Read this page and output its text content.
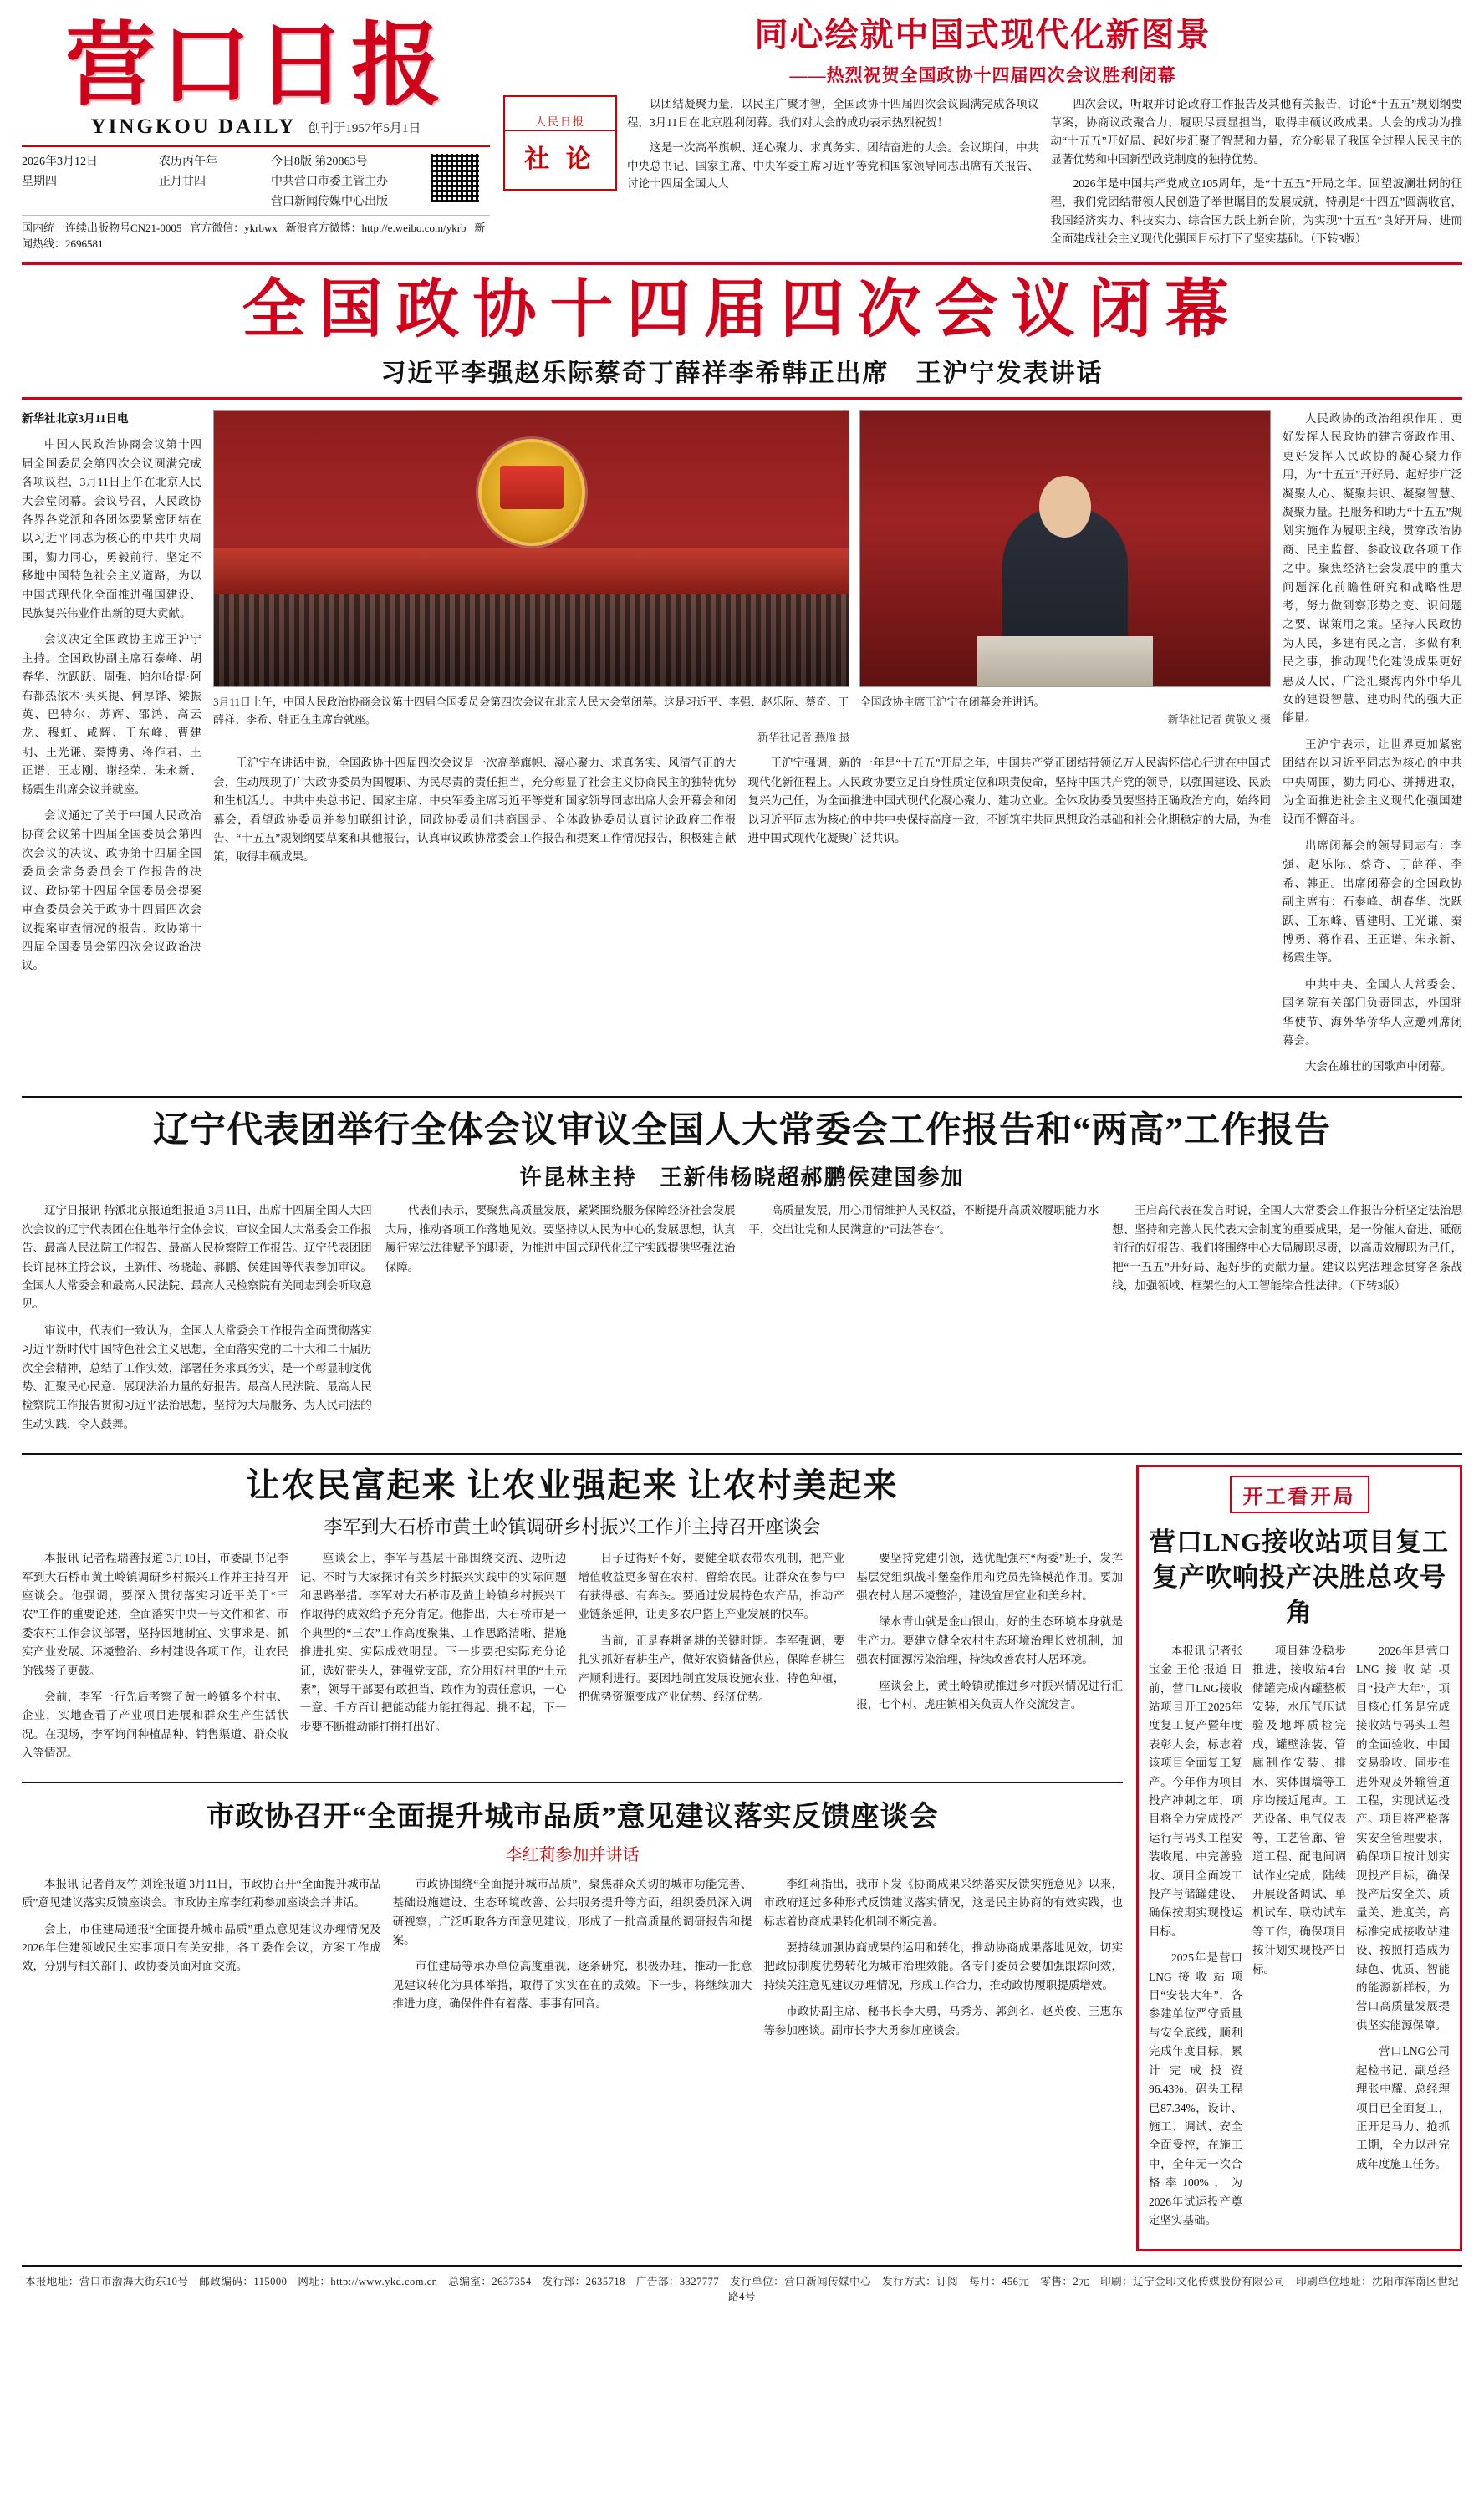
营口日报
YINGKOU DAILY 创刊于1957年5月1日
2026年3月12日
星期四
农历丙午年
正月廿四
今日8版 第20863号
中共营口市委主管主办
营口新闻传媒中心出版
国内统一连续出版物号CN21-0005 官方微信：ykrbwx 新浪官方微博：http://e.weibo.com/ykrb 新闻热线：2696581
同心绘就中国式现代化新图景
——热烈祝贺全国政协十四届四次会议胜利闭幕
人民日报
社 论

以团结凝聚力量，以民主广聚才智，全国政协十四届四次会议圆满完成各项议程，3月11日在北京胜利闭幕。我们对大会的成功表示热烈祝贺！

这是一次高举旗帜、通心聚力、求真务实、团结奋进的大会。会议期间，中共中央总书记、国家主席、中央军委主席习近平等党和国家领导同志出席有关报告、讨论十四届全国人大

四次会议，听取并讨论政府工作报告及其他有关报告，讨论“十五五”规划纲要草案，协商议政聚合力，履职尽责显担当，取得丰硕议政成果。大会的成功为推动“十五五”开好局、起好步汇聚了智慧和力量，充分彰显了我国全过程人民民主的显著优势和中国新型政党制度的独特优势。

2026年是中国共产党成立105周年，是“十五五”开局之年。回望波澜壮阔的征程，我们党团结带领人民创造了举世瞩目的发展成就，特别是“十四五”圆满收官，我国经济实力、科技实力、综合国力跃上新台阶，为实现“十五五”良好开局、进而全面建成社会主义现代化强国目标打下了坚实基础。（下转3版）

全国政协十四届四次会议闭幕
习近平李强赵乐际蔡奇丁薛祥李希韩正出席　王沪宁发表讲话

新华社北京3月11日电

中国人民政治协商会议第十四届全国委员会第四次会议圆满完成各项议程，3月11日上午在北京人民大会堂闭幕。会议号召，人民政协各界各党派和各团体要紧密团结在以习近平同志为核心的中共中央周围，勠力同心，勇毅前行，坚定不移地中国特色社会主义道路，为以中国式现代化全面推进强国建设、民族复兴伟业作出新的更大贡献。

会议决定全国政协主席王沪宁主持。全国政协副主席石泰峰、胡春华、沈跃跃、周强、帕尔哈提·阿布都热依木·买买提、何厚铧、梁振英、巴特尔、苏辉、邵鸿、高云龙、穆虹、咸辉、王东峰、曹建明、王光谦、秦博勇、蒋作君、王正谱、王志刚、谢经荣、朱永新、杨震生出席会议并就座。

会议通过了关于中国人民政治协商会议第十四届全国委员会第四次会议的决议、政协第十四届全国委员会常务委员会工作报告的决议、政协第十四届全国委员会提案审查委员会关于政协十四届四次会议提案审查情况的报告、政协第十四届全国委员会第四次会议政治决议。

3月11日上午，中国人民政治协商会议第十四届全国委员会第四次会议在北京人民大会堂闭幕。这是习近平、李强、赵乐际、蔡奇、丁薛祥、李希、韩正在主席台就座。
新华社记者 燕雁 摄
全国政协主席王沪宁在闭幕会并讲话。
新华社记者 黄敬文 摄

王沪宁在讲话中说，全国政协十四届四次会议是一次高举旗帜、凝心聚力、求真务实、风清气正的大会，生动展现了广大政协委员为国履职、为民尽责的责任担当，充分彰显了社会主义协商民主的独特优势和生机活力。中共中央总书记、国家主席、中央军委主席习近平等党和国家领导同志出席大会开幕会和闭幕会，看望政协委员并参加联组讨论，同政协委员们共商国是。全体政协委员认真讨论政府工作报告、“十五五”规划纲要草案和其他报告，认真审议政协常委会工作报告和提案工作情况报告，积极建言献策，取得丰硕成果。

王沪宁强调，新的一年是“十五五”开局之年，中国共产党正团结带领亿万人民满怀信心行进在中国式现代化新征程上。人民政协要立足自身性质定位和职责使命，坚持中国共产党的领导，以强国建设、民族复兴为己任，为全面推进中国式现代化凝心聚力、建功立业。全体政协委员要坚持正确政治方向，始终同以习近平同志为核心的中共中央保持高度一致，不断筑牢共同思想政治基础和社会化期稳定的大局，为推进中国式现代化凝聚广泛共识。

人民政协的政治组织作用、更好发挥人民政协的建言资政作用、更好发挥人民政协的凝心聚力作用，为“十五五”开好局、起好步广泛凝聚人心、凝聚共识、凝聚智慧、凝聚力量。把服务和助力“十五五”规划实施作为履职主线，贯穿政治协商、民主监督、参政议政各项工作之中。聚焦经济社会发展中的重大问题深化前瞻性研究和战略性思考，努力做到察形势之变、识问题之要、谋策用之策。坚持人民政协为人民，多建有民之言，多做有利民之事，推动现代化建设成果更好惠及人民，广泛汇聚海内外中华儿女的建设智慧、建功时代的强大正能量。

王沪宁表示，让世界更加紧密团结在以习近平同志为核心的中共中央周围，勠力同心、拼搏进取，为全面推进社会主义现代化强国建设而不懈奋斗。

出席闭幕会的领导同志有：李强、赵乐际、蔡奇、丁薛祥、李希、韩正。出席闭幕会的全国政协副主席有：石泰峰、胡春华、沈跃跃、王东峰、曹建明、王光谦、秦博勇、蒋作君、王正谱、朱永新、杨震生等。

中共中央、全国人大常委会、国务院有关部门负责同志，外国驻华使节、海外华侨华人应邀列席闭幕会。

大会在雄壮的国歌声中闭幕。

辽宁代表团举行全体会议审议全国人大常委会工作报告和“两高”工作报告
许昆林主持　王新伟杨晓超郝鹏侯建国参加

辽宁日报讯 特派北京报道组报道 3月11日，出席十四届全国人大四次会议的辽宁代表团在住地举行全体会议，审议全国人大常委会工作报告、最高人民法院工作报告、最高人民检察院工作报告。辽宁代表团团长许昆林主持会议，王新伟、杨晓超、郝鹏、侯建国等代表参加审议。全国人大常委会和最高人民法院、最高人民检察院有关同志到会听取意见。

审议中，代表们一致认为，全国人大常委会工作报告全面贯彻落实习近平新时代中国特色社会主义思想，全面落实党的二十大和二十届历次全会精神，总结了工作实效，部署任务求真务实，是一个彰显制度优势、汇聚民心民意、展现法治力量的好报告。最高人民法院、最高人民检察院工作报告贯彻习近平法治思想，坚持为大局服务、为人民司法的生动实践，令人鼓舞。

代表们表示，要聚焦高质量发展，紧紧围绕服务保障经济社会发展大局，推动各项工作落地见效。要坚持以人民为中心的发展思想，认真履行宪法法律赋予的职责，为推进中国式现代化辽宁实践提供坚强法治保障。

高质量发展，用心用情维护人民权益，不断提升高质效履职能力水平，交出让党和人民满意的“司法答卷”。

王启高代表在发言时说，全国人大常委会工作报告分析坚定法治思想、坚持和完善人民代表大会制度的重要成果，是一份催人奋进、砥砺前行的好报告。我们将围绕中心大局履职尽责，以高质效履职为己任，把“十五五”开好局、起好步的贡献力量。建议以宪法理念贯穿各条战线，加强领域、框架性的人工智能综合性法律。（下转3版）

让农民富起来 让农业强起来 让农村美起来
李军到大石桥市黄土岭镇调研乡村振兴工作并主持召开座谈会

本报讯 记者程瑞善报道 3月10日，市委副书记李军到大石桥市黄土岭镇调研乡村振兴工作并主持召开座谈会。他强调，要深入贯彻落实习近平关于“三农”工作的重要论述，全面落实中央一号文件和省、市委农村工作会议部署，坚持因地制宜、实事求是、抓实产业发展、环境整治、乡村建设各项工作，让农民的钱袋子更鼓。

会前，李军一行先后考察了黄土岭镇多个村屯、企业，实地查看了产业项目进展和群众生产生活状况。在现场，李军询问种植品种、销售渠道、群众收入等情况。

座谈会上，李军与基层干部围绕交流、边听边记、不时与大家探讨有关乡村振兴实践中的实际问题和思路举措。李军对大石桥市及黄土岭镇乡村振兴工作取得的成效给予充分肯定。他指出，大石桥市是一个典型的“三农”工作高度聚集、工作思路清晰、措施推进扎实、实际成效明显。下一步要把实际充分论证，选好带头人，建强党支部，充分用好村里的“土元素”，领导干部要有敢担当、敢作为的责任意识，一心一意、千方百计把能动能力能扛得起、挑不起，下一步要不断推动能打拼打出好。

日子过得好不好，要健全联农带农机制，把产业增值收益更多留在农村，留给农民。让群众在参与中有获得感、有奔头。要通过发展特色农产品，推动产业链条延伸，让更多农户搭上产业发展的快车。

当前，正是春耕备耕的关键时期。李军强调，要扎实抓好春耕生产，做好农资储备供应，保障春耕生产顺利进行。要因地制宜发展设施农业、特色种植，把优势资源变成产业优势、经济优势。

要坚持党建引领，选优配强村“两委”班子，发挥基层党组织战斗堡垒作用和党员先锋模范作用。要加强农村人居环境整治，建设宜居宜业和美乡村。

绿水青山就是金山银山，好的生态环境本身就是生产力。要建立健全农村生态环境治理长效机制，加强农村面源污染治理，持续改善农村人居环境。

座谈会上，黄土岭镇就推进乡村振兴情况进行汇报，七个村、虎庄镇相关负责人作交流发言。

市政协召开“全面提升城市品质”意见建议落实反馈座谈会
李红莉参加并讲话

本报讯 记者肖友竹 刘诠报道 3月11日，市政协召开“全面提升城市品质”意见建议落实反馈座谈会。市政协主席李红莉参加座谈会并讲话。

会上，市住建局通报“全面提升城市品质”重点意见建议办理情况及2026年住建领域民生实事项目有关安排，各工委作会议，方案工作成效，分别与相关部门、政协委员面对面交流。

市政协围绕“全面提升城市品质”，聚焦群众关切的城市功能完善、基础设施建设、生态环境改善、公共服务提升等方面，组织委员深入调研视察，广泛听取各方面意见建议，形成了一批高质量的调研报告和提案。

市住建局等承办单位高度重视，逐条研究，积极办理，推动一批意见建议转化为具体举措，取得了实实在在的成效。下一步，将继续加大推进力度，确保件件有着落、事事有回音。

李红莉指出，我市下发《协商成果采纳落实反馈实施意见》以来，市政府通过多种形式反馈建议落实情况，这是民主协商的有效实践，也标志着协商成果转化机制不断完善。

要持续加强协商成果的运用和转化，推动协商成果落地见效，切实把政协制度优势转化为城市治理效能。各专门委员会要加强跟踪问效，持续关注意见建议办理情况，形成工作合力，推动政协履职提质增效。

市政协副主席、秘书长李大勇，马秀芳、郭剑名、赵英俊、王惠东等参加座谈。副市长李大勇参加座谈会。

开工看开局
营口LNG接收站项目复工复产吹响投产决胜总攻号角

本报讯 记者张宝金 王伦 报道 日前，营口LNG接收站项目开工2026年度复工复产暨年度表彰大会，标志着该项目全面复工复产。今年作为项目投产冲刺之年，项目将全力完成投产运行与码头工程安装收尾、中完善验收、项目全面竣工投产与储罐建设、确保按期实现投运目标。

2025年是营口LNG接收站项目“安装大年”，各参建单位严守质量与安全底线，顺利完成年度目标，累计完成投资96.43%，码头工程已87.34%，设计、施工、调试、安全全面受控，在施工中，全年无一次合格率100%，为2026年试运投产奠定坚实基础。

项目建设稳步推进，接收站4台储罐完成内罐整板安装，水压气压试验及地坪质检完成，罐壁涂装、管廊制作安装、排水、实体围墙等工序均接近尾声。工艺设备、电气仪表等，工艺管廊、管道工程、配电间调试作业完成，陆续开展设备调试、单机试车、联动试车等工作，确保项目按计划实现投产目标。

2026年是营口LNG接收站项目“投产大年”，项目核心任务是完成接收站与码头工程的全面验收、中国交易验收、同步推进外观及外输管道工程，实现试运投产。项目将严格落实安全管理要求，确保项目按计划实现投产目标，确保投产后安全关、质量关、进度关，高标准完成接收站建设、按照打造成为绿色、优质、智能的能源新样板，为营口高质量发展提供坚实能源保障。

营口LNG公司起检书记、副总经理张中耀、总经理项目已全面复工，正开足马力、抢抓工期，全力以赴完成年度施工任务。

本报地址：营口市渤海大街东10号　邮政编码：115000　网址：http://www.ykd.com.cn　总编室：2637354　发行部：2635718　广告部：3327777　发行单位：营口新闻传媒中心　发行方式：订阅　每月：456元　零售：2元　印刷：辽宁金印文化传媒股份有限公司　印刷单位地址：沈阳市浑南区世纪路4号
